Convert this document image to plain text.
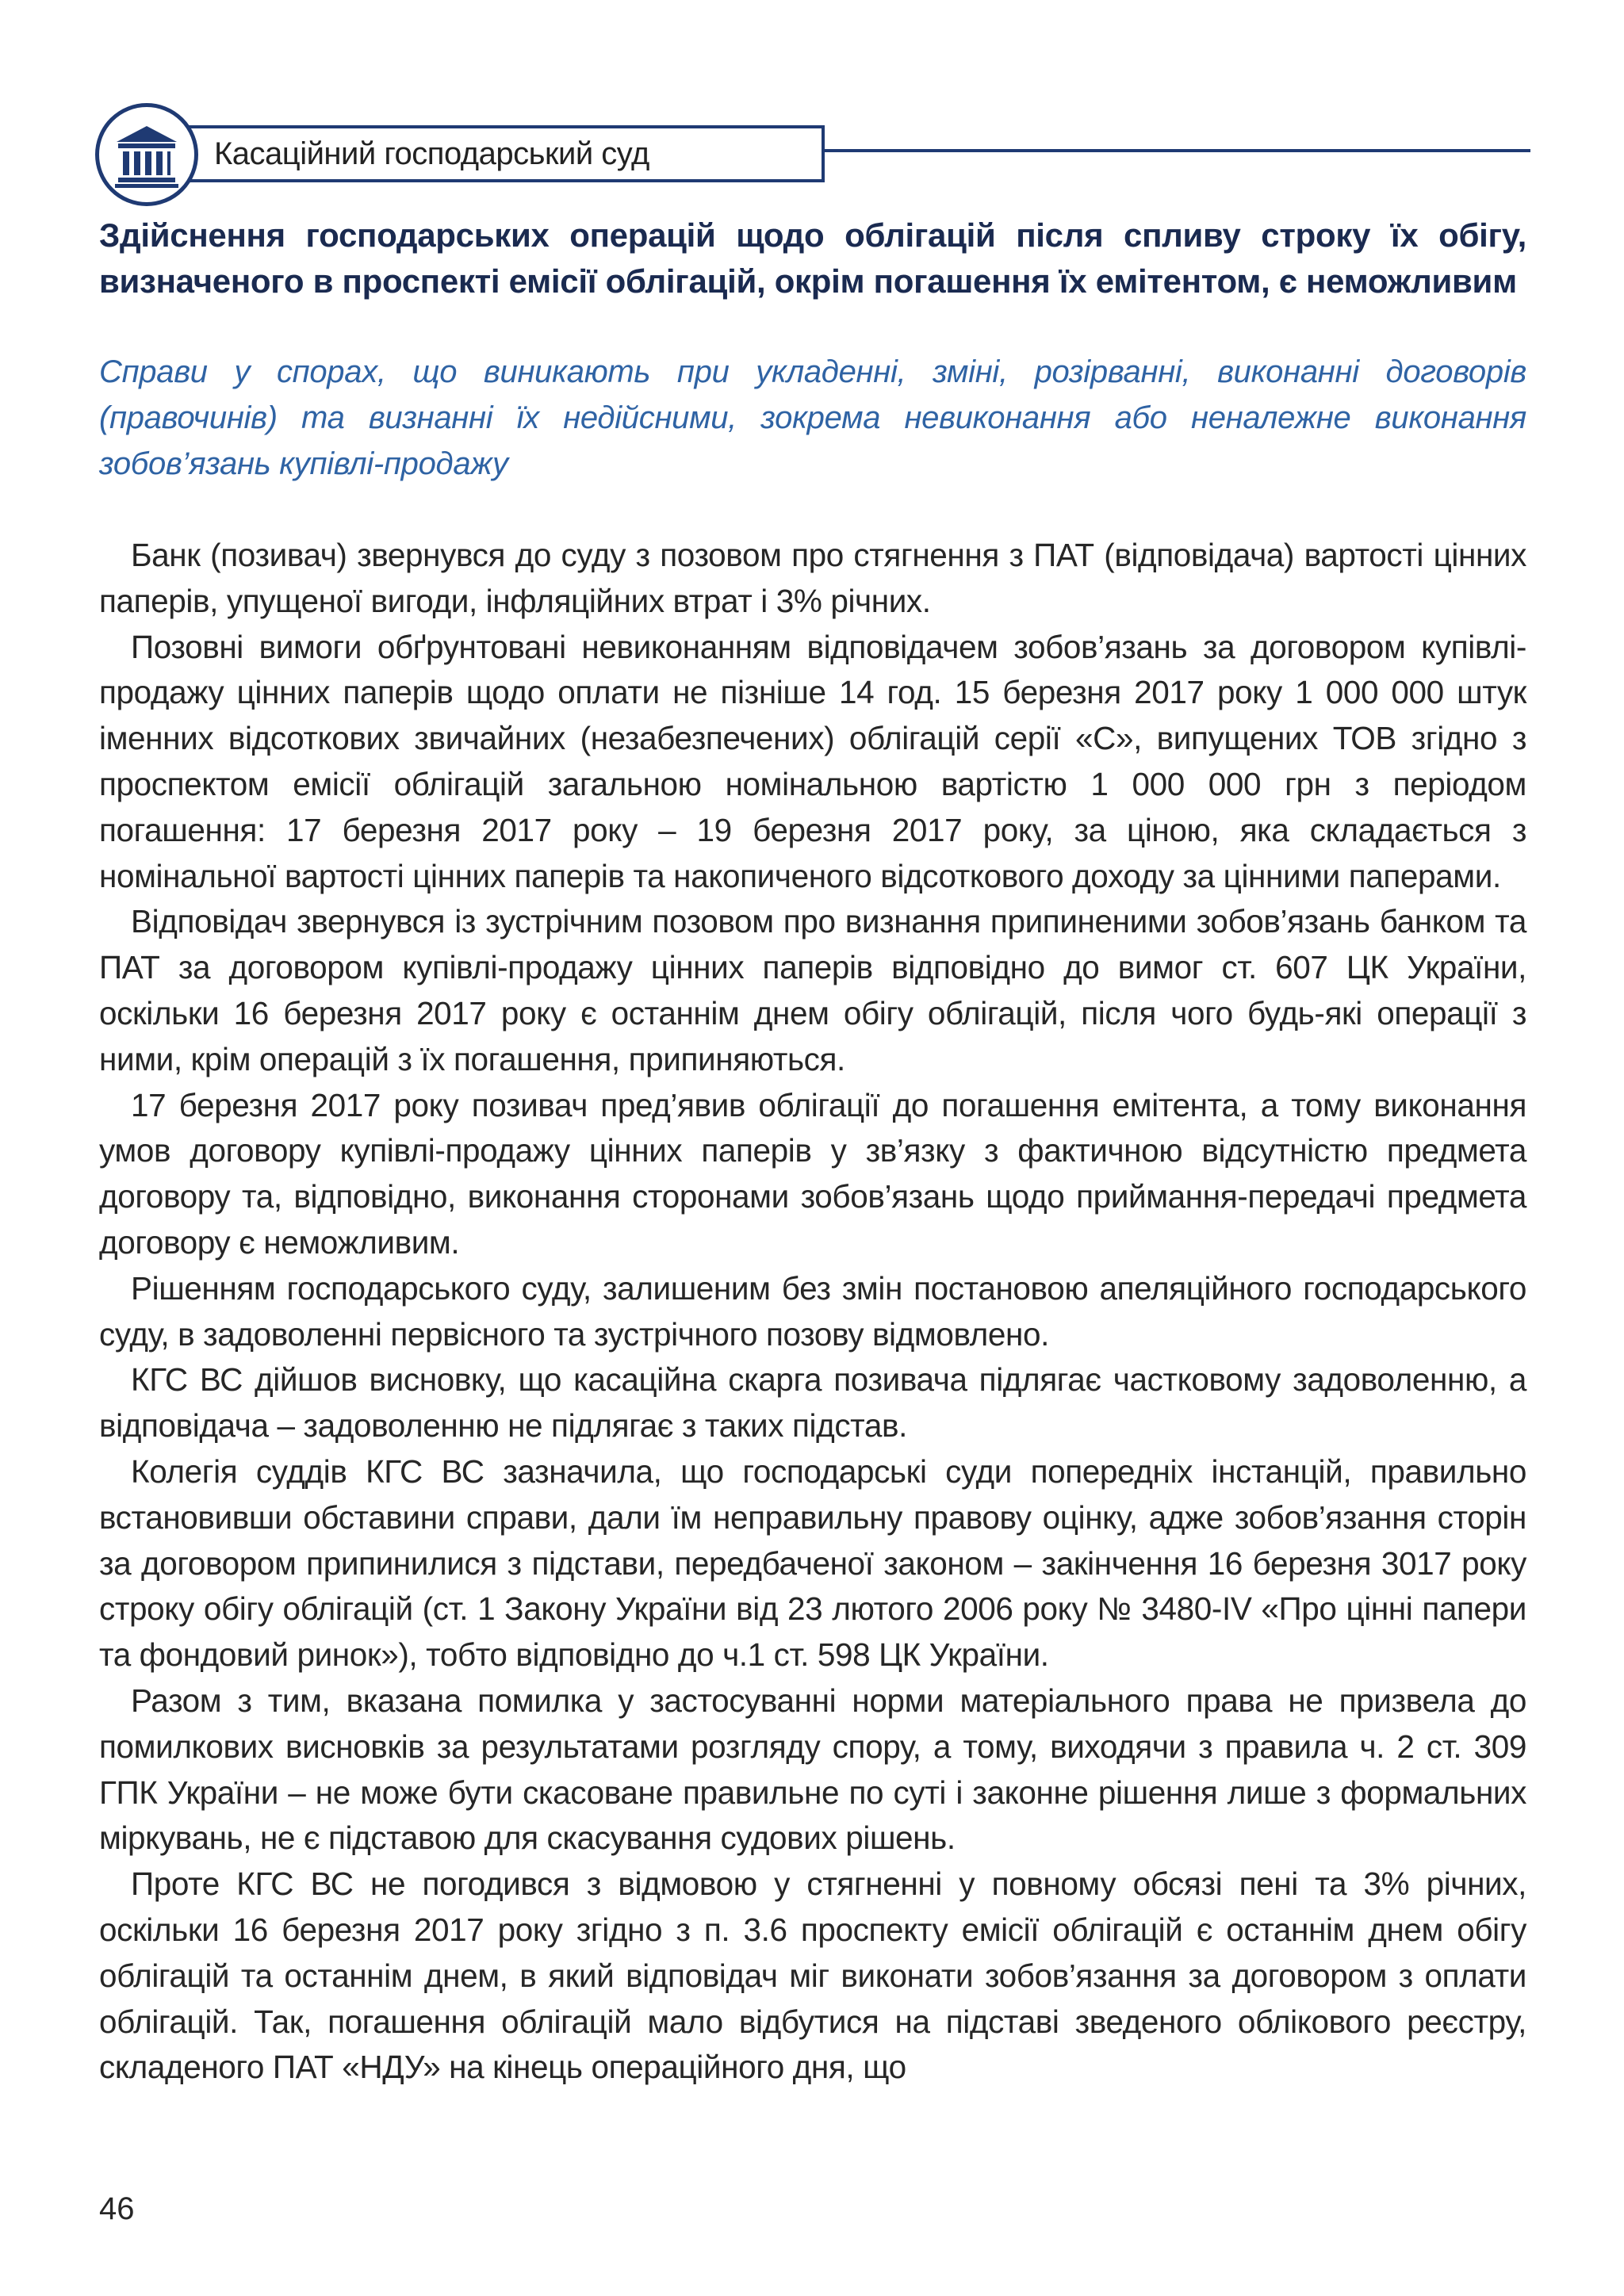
Касаційний господарський суд
Здійснення господарських операцій щодо облігацій після спливу строку їх обігу, визначеного в проспекті емісії облігацій, окрім погашення їх емітентом, є неможливим
Справи у спорах, що виникають при укладенні, зміні, розірванні, виконанні договорів (правочинів) та визнанні їх недійсними, зокрема невиконання або неналежне виконання зобов’язань купівлі-продажу

Банк (позивач) звернувся до суду з позовом про стягнення з ПАТ (відповідача) вартості цінних паперів, упущеної вигоди, інфляційних втрат і 3% річних.

Позовні вимоги обґрунтовані невиконанням відповідачем зобов’язань за договором купівлі-продажу цінних паперів щодо оплати не пізніше 14 год. 15 березня 2017 року 1 000 000 штук іменних відсоткових звичайних (незабезпечених) облігацій серії «С», випущених ТОВ згідно з проспектом емісії облігацій загальною номінальною вартістю 1 000 000 грн з періодом погашення: 17 березня 2017 року – 19 березня 2017 року, за ціною, яка складається з номінальної вартості цінних паперів та накопиченого відсоткового доходу за цінними паперами.

Відповідач звернувся із зустрічним позовом про визнання припиненими зобов’язань банком та ПАТ за договором купівлі-продажу цінних паперів відповідно до вимог ст. 607 ЦК України, оскільки 16 березня 2017 року є останнім днем обігу облігацій, після чого будь-які операції з ними, крім операцій з їх погашення, припиняються.

17 березня 2017 року позивач пред’явив облігації до погашення емітента, а тому виконання умов договору купівлі-продажу цінних паперів у зв’язку з фактичною відсутністю предмета договору та, відповідно, виконання сторонами зобов’язань щодо приймання-передачі предмета договору є неможливим.

Рішенням господарського суду, залишеним без змін постановою апеляційного господарського суду, в задоволенні первісного та зустрічного позову відмовлено.

КГС ВС дійшов висновку, що касаційна скарга позивача підлягає частковому задоволенню, а відповідача – задоволенню не підлягає з таких підстав.

Колегія суддів КГС ВС зазначила, що господарські суди попередніх інстанцій, правильно встановивши обставини справи, дали їм неправильну правову оцінку, адже зобов’язання сторін за договором припинилися з підстави, передбаченої законом – закінчення 16 березня 3017 року строку обігу облігацій (ст. 1 Закону України від 23 лютого 2006 року № 3480-IV «Про цінні папери та фондовий ринок»), тобто відповідно до ч.1 ст. 598 ЦК України.

Разом з тим, вказана помилка у застосуванні норми матеріального права не призвела до помилкових висновків за результатами розгляду спору, а тому, виходячи з правила ч. 2 ст. 309 ГПК України – не може бути скасоване правильне по суті і законне рішення лише з формальних міркувань, не є підставою для скасування судових рішень.

Проте КГС ВС не погодився з відмовою у стягненні у повному обсязі пені та 3% річних, оскільки 16 березня 2017 року згідно з п. 3.6 проспекту емісії облігацій є останнім днем обігу облігацій та останнім днем, в який відповідач міг виконати зобов’язання за договором з оплати облігацій. Так, погашення облігацій мало відбутися на підставі зведеного облікового реєстру, складеного ПАТ «НДУ» на кінець операційного дня, що

46
